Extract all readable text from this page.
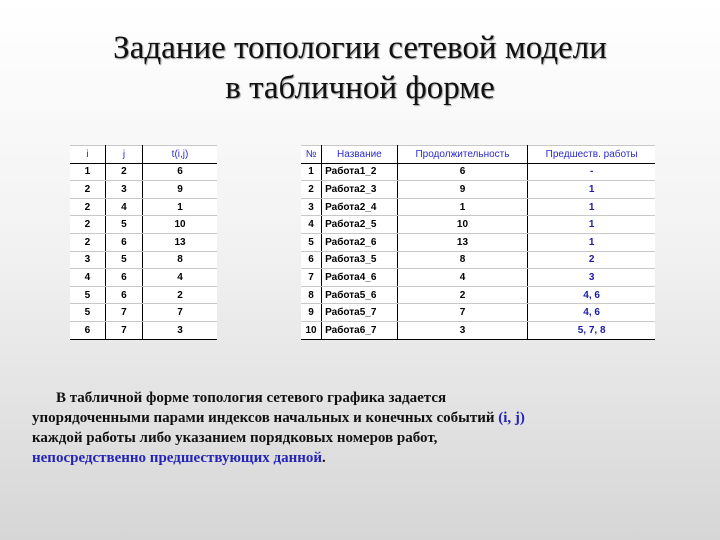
Задание топологии сетевой модели
в табличной форме
i	j	t(i,j)
1	2	6
2	3	9
2	4	1
2	5	10
2	6	13
3	5	8
4	6	4
5	6	2
5	7	7
6	7	3
№	Название	Продолжительность	Предшеств. работы
1	Работа1_2	6	-
2	Работа2_3	9	1
3	Работа2_4	1	1
4	Работа2_5	10	1
5	Работа2_6	13	1
6	Работа3_5	8	2
7	Работа4_6	4	3
8	Работа5_6	2	4, 6
9	Работа5_7	7	4, 6
10	Работа6_7	3	5, 7, 8
В табличной форме топология сетевого графика задается
упорядоченными парами индексов начальных и конечных событий (i, j)
каждой работы либо указанием порядковых номеров работ,
непосредственно предшествующих данной.
